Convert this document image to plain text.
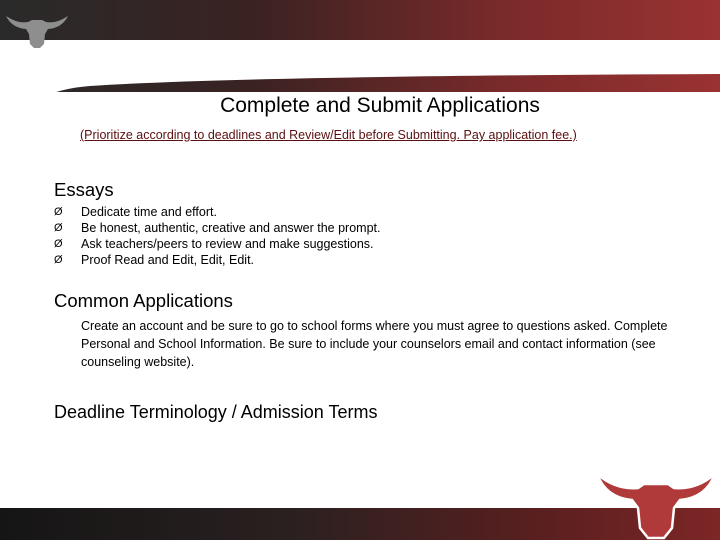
Complete and Submit Applications
(Prioritize according to deadlines and Review/Edit before Submitting. Pay application fee.)
Essays
Ø Dedicate time and effort.
Ø Be honest, authentic, creative and answer the prompt.
Ø Ask teachers/peers to review and make suggestions.
Ø Proof Read and Edit, Edit, Edit.
Common Applications
Create an account and be sure to go to school forms where you must agree to questions asked. Complete Personal and School Information. Be sure to include your counselors email and contact information (see counseling website).
Deadline Terminology / Admission Terms
